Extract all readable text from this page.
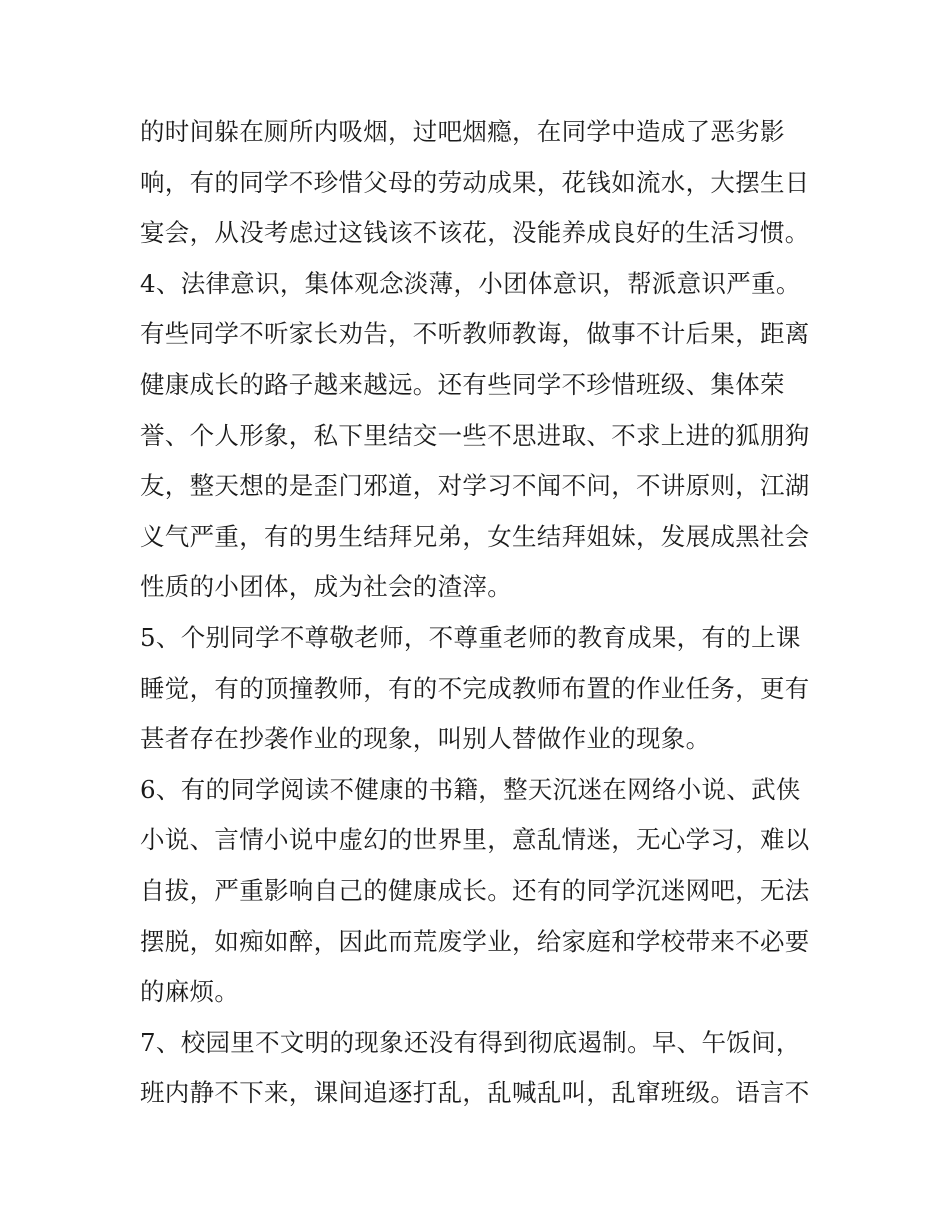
的时间躲在厕所内吸烟，过吧烟瘾，在同学中造成了恶劣影
响，有的同学不珍惜父母的劳动成果，花钱如流水，大摆生日
宴会，从没考虑过这钱该不该花，没能养成良好的生活习惯。
4、法律意识，集体观念淡薄，小团体意识，帮派意识严重。
有些同学不听家长劝告，不听教师教诲，做事不计后果，距离
健康成长的路子越来越远。还有些同学不珍惜班级、集体荣
誉、个人形象，私下里结交一些不思进取、不求上进的狐朋狗
友，整天想的是歪门邪道，对学习不闻不问，不讲原则，江湖
义气严重，有的男生结拜兄弟，女生结拜姐妹，发展成黑社会
性质的小团体，成为社会的渣滓。
5、个别同学不尊敬老师，不尊重老师的教育成果，有的上课
睡觉，有的顶撞教师，有的不完成教师布置的作业任务，更有
甚者存在抄袭作业的现象，叫别人替做作业的现象。
6、有的同学阅读不健康的书籍，整天沉迷在网络小说、武侠
小说、言情小说中虚幻的世界里，意乱情迷，无心学习，难以
自拔，严重影响自己的健康成长。还有的同学沉迷网吧，无法
摆脱，如痴如醉，因此而荒废学业，给家庭和学校带来不必要
的麻烦。
7、校园里不文明的现象还没有得到彻底遏制。早、午饭间，
班内静不下来，课间追逐打乱，乱喊乱叫，乱窜班级。语言不
